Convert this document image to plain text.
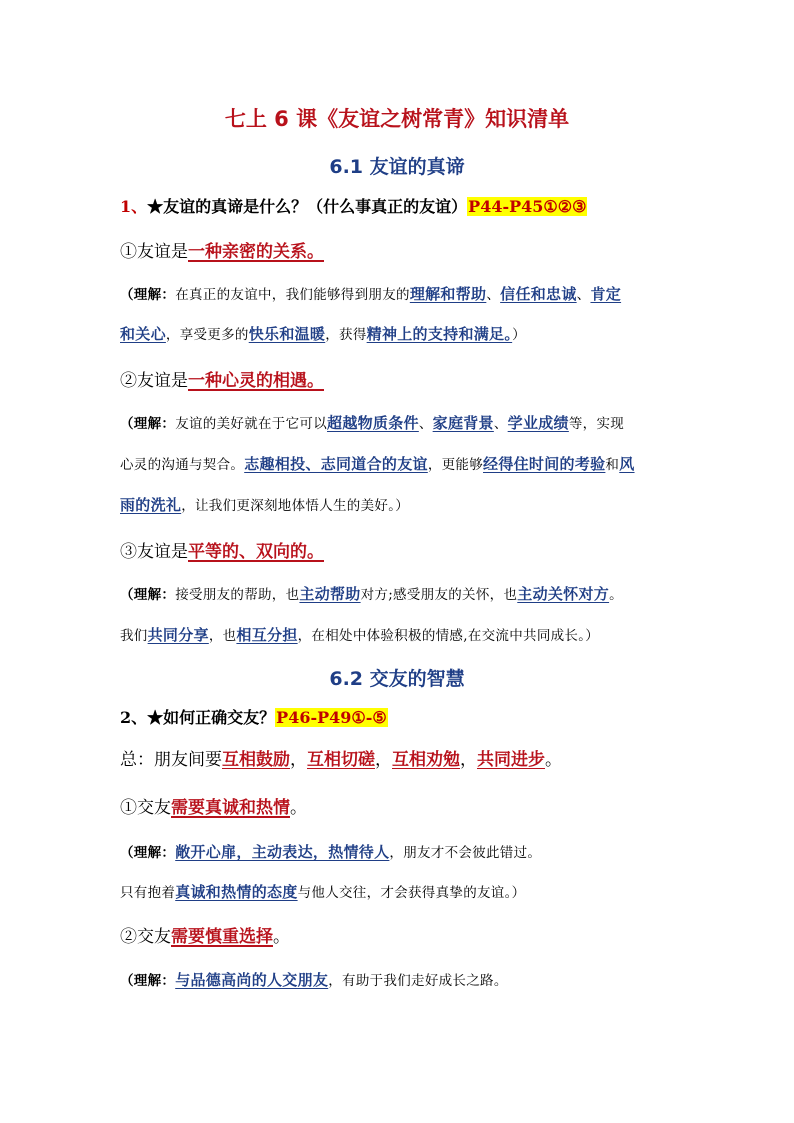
七上 6 课《友谊之树常青》知识清单
6.1 友谊的真谛
1、★友谊的真谛是什么？（什么事真正的友谊）P44-P45①②③
①友谊是一种亲密的关系。
（理解：在真正的友谊中，我们能够得到朋友的理解和帮助、信任和忠诚、肯定
和关心，享受更多的快乐和温暖，获得精神上的支持和满足。）
②友谊是一种心灵的相遇。
（理解：友谊的美好就在于它可以超越物质条件、家庭背景、学业成绩等，实现
心灵的沟通与契合。志趣相投、志同道合的友谊，更能够经得住时间的考验和风
雨的洗礼，让我们更深刻地体悟人生的美好。）
③友谊是平等的、双向的。
（理解：接受朋友的帮助，也主动帮助对方;感受朋友的关怀，也主动关怀对方。
我们共同分享，也相互分担，在相处中体验积极的情感,在交流中共同成长。）
6.2 交友的智慧
2、★如何正确交友？P46-P49①-⑤
总：朋友间要互相鼓励，互相切磋，互相劝勉，共同进步。
①交友需要真诚和热情。
（理解：敞开心扉，主动表达，热情待人，朋友才不会彼此错过。
只有抱着真诚和热情的态度与他人交往，才会获得真挚的友谊。）
②交友需要慎重选择。
（理解：与品德高尚的人交朋友，有助于我们走好成长之路。
